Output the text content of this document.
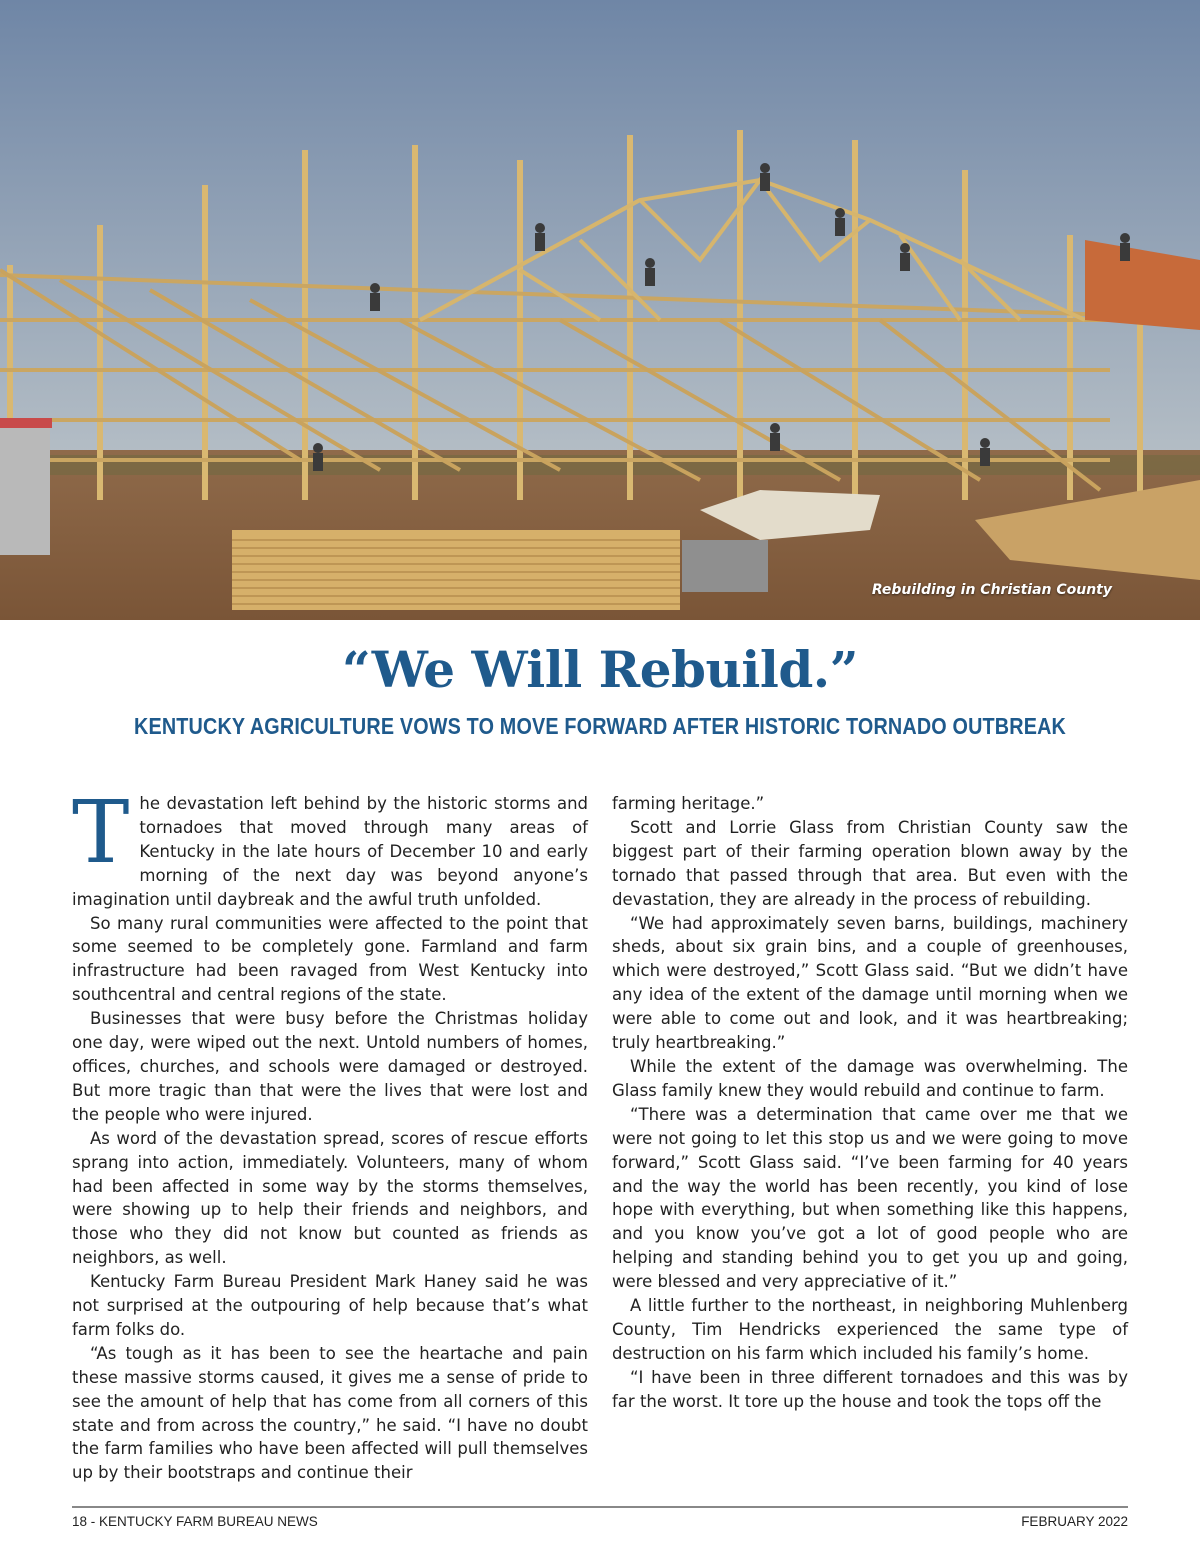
Rebuilding in Christian County
“We Will Rebuild.”
KENTUCKY AGRICULTURE VOWS TO MOVE FORWARD AFTER HISTORIC TORNADO OUTBREAK

The devastation left behind by the historic storms and tornadoes that moved through many areas of Kentucky in the late hours of December 10 and early morning of the next day was beyond anyone’s imagination until daybreak and the awful truth unfolded.

So many rural communities were affected to the point that some seemed to be completely gone. Farmland and farm infrastructure had been ravaged from West Kentucky into southcentral and central regions of the state.

Businesses that were busy before the Christmas holiday one day, were wiped out the next. Untold numbers of homes, offices, churches, and schools were damaged or destroyed. But more tragic than that were the lives that were lost and the people who were injured.

As word of the devastation spread, scores of rescue efforts sprang into action, immediately. Volunteers, many of whom had been affected in some way by the storms themselves, were showing up to help their friends and neighbors, and those who they did not know but counted as friends as neighbors, as well.

Kentucky Farm Bureau President Mark Haney said he was not surprised at the outpouring of help because that’s what farm folks do.

“As tough as it has been to see the heartache and pain these massive storms caused, it gives me a sense of pride to see the amount of help that has come from all corners of this state and from across the country,” he said. “I have no doubt the farm families who have been affected will pull themselves up by their bootstraps and continue their

farming heritage.”

Scott and Lorrie Glass from Christian County saw the biggest part of their farming operation blown away by the tornado that passed through that area. But even with the devastation, they are already in the process of rebuilding.

“We had approximately seven barns, buildings, machinery sheds, about six grain bins, and a couple of greenhouses, which were destroyed,” Scott Glass said. “But we didn’t have any idea of the extent of the damage until morning when we were able to come out and look, and it was heartbreaking; truly heartbreaking.”

While the extent of the damage was overwhelming. The Glass family knew they would rebuild and continue to farm.

“There was a determination that came over me that we were not going to let this stop us and we were going to move forward,” Scott Glass said. “I’ve been farming for 40 years and the way the world has been recently, you kind of lose hope with everything, but when something like this happens, and you know you’ve got a lot of good people who are helping and standing behind you to get you up and going, were blessed and very appreciative of it.”

A little further to the northeast, in neighboring Muhlenberg County, Tim Hendricks experienced the same type of destruction on his farm which included his family’s home.

“I have been in three different tornadoes and this was by far the worst. It tore up the house and took the tops off the

18 - KENTUCKY FARM BUREAU NEWS	FEBRUARY 2022
